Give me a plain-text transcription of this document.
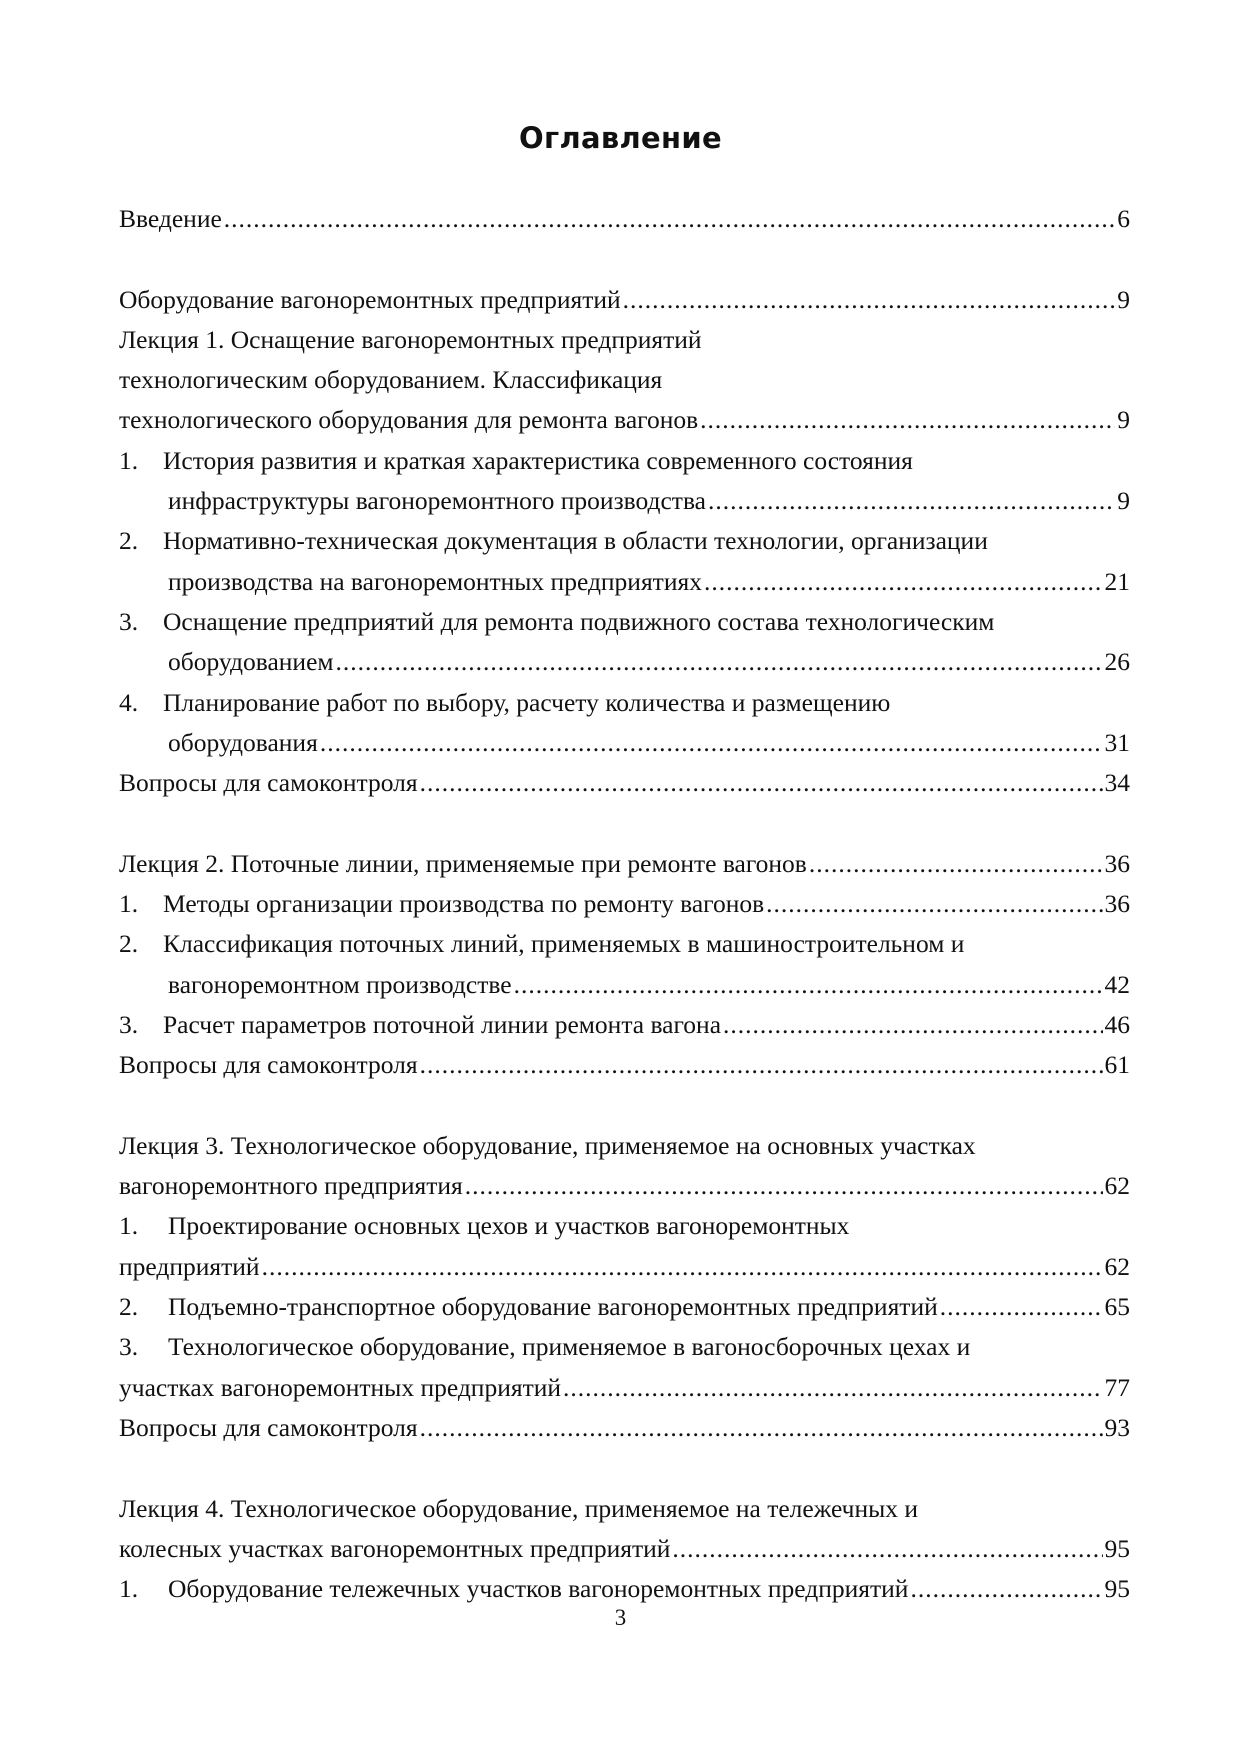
Оглавление
Введение .....	6
Оборудование вагоноремонтных предприятий .....	9
Лекция 1. Оснащение вагоноремонтных предприятий
технологическим оборудованием. Классификация
технологического оборудования для ремонта вагонов .....	9
1. История развития и краткая характеристика современного состояния
инфраструктуры вагоноремонтного производства .....	9
2. Нормативно-техническая документация в области технологии, организации
производства на вагоноремонтных предприятиях .....	21
3. Оснащение предприятий для ремонта подвижного состава технологическим
оборудованием .....	26
4. Планирование работ по выбору, расчету количества и размещению
оборудования .....	31
Вопросы для самоконтроля .....	34
Лекция 2. Поточные линии, применяемые при ремонте вагонов .....	36
1. Методы организации производства по ремонту вагонов .....	36
2. Классификация поточных линий, применяемых в машиностроительном и
вагоноремонтном производстве .....	42
3. Расчет параметров поточной линии ремонта вагона .....	46
Вопросы для самоконтроля .....	61
Лекция 3. Технологическое оборудование, применяемое на основных участках
вагоноремонтного предприятия .....	62
1.	Проектирование основных цехов и участков вагоноремонтных
предприятий .....	62
2.	Подъемно-транспортное оборудование вагоноремонтных предприятий .....	65
3.	Технологическое оборудование, применяемое в вагоносборочных цехах и
участках вагоноремонтных предприятий .....	77
Вопросы для самоконтроля .....	93
Лекция 4. Технологическое оборудование, применяемое на тележечных и
колесных участках вагоноремонтных предприятий .....	95
1.	Оборудование тележечных участков вагоноремонтных предприятий .....	95
3
